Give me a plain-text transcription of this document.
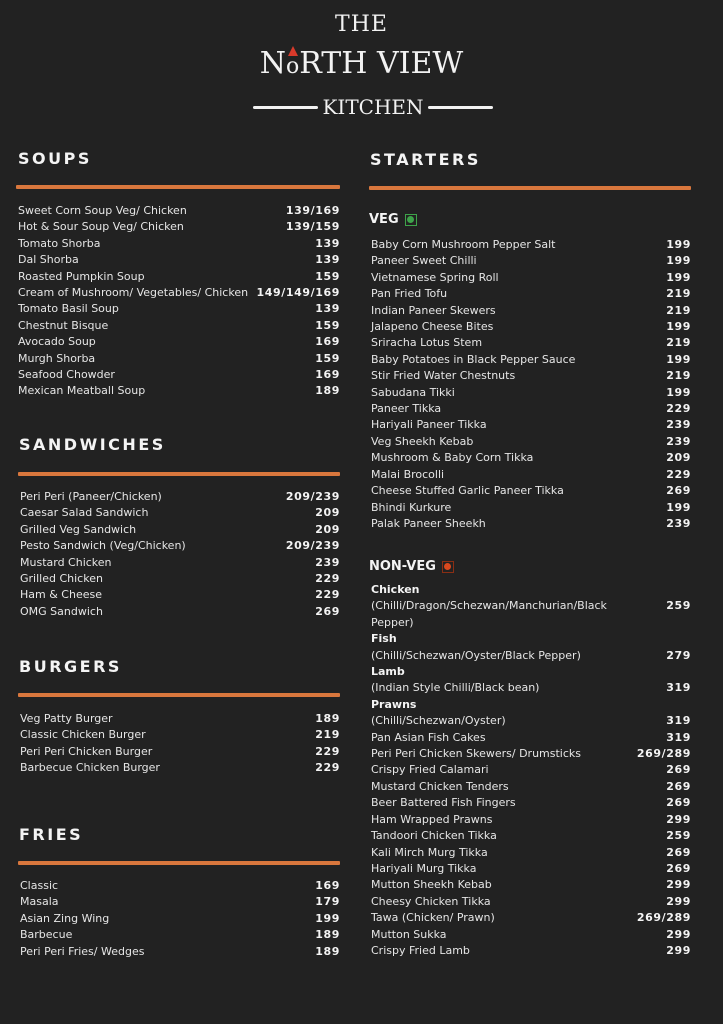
THE
N
oRTH VIEW
KITCHEN
SOUPS
Sweet Corn Soup Veg/ Chicken	139/169
Hot & Sour Soup Veg/ Chicken	139/159
Tomato Shorba	139
Dal Shorba	139
Roasted Pumpkin Soup	159
Cream of Mushroom/ Vegetables/ Chicken 149/149/169
Tomato Basil Soup	139
Chestnut Bisque	159
Avocado Soup	169
Murgh Shorba	159
Seafood Chowder	169
Mexican Meatball Soup	189
SANDWICHES
Peri Peri (Paneer/Chicken)	209/239
Caesar Salad Sandwich	209
Grilled Veg Sandwich	209
Pesto Sandwich (Veg/Chicken)	209/239
Mustard Chicken	239
Grilled Chicken	229
Ham & Cheese	229
OMG Sandwich	269
BURGERS
Veg Patty Burger	189
Classic Chicken Burger	219
Peri Peri Chicken Burger	229
Barbecue Chicken Burger	229
FRIES
Classic	169
Masala	179
Asian Zing Wing	199
Barbecue	189
Peri Peri Fries/ Wedges	189
STARTERS
VEG
Baby Corn Mushroom Pepper Salt	199
Paneer Sweet Chilli	199
Vietnamese Spring Roll	199
Pan Fried Tofu	219
Indian Paneer Skewers	219
Jalapeno Cheese Bites	199
Sriracha Lotus Stem	219
Baby Potatoes in Black Pepper Sauce	199
Stir Fried Water Chestnuts	219
Sabudana Tikki	199
Paneer Tikka	229
Hariyali Paneer Tikka	239
Veg Sheekh Kebab	239
Mushroom & Baby Corn Tikka	209
Malai Brocolli	229
Cheese Stuffed Garlic Paneer Tikka	269
Bhindi Kurkure	199
Palak Paneer Sheekh	239
NON-VEG
Chicken
(Chilli/Dragon/Schezwan/Manchurian/Black Pepper)
259
Fish
(Chilli/Schezwan/Oyster/Black Pepper)	279
Lamb
(Indian Style Chilli/Black bean)	319
Prawns
(Chilli/Schezwan/Oyster)	319
Pan Asian Fish Cakes	319
Peri Peri Chicken Skewers/ Drumsticks	269/289
Crispy Fried Calamari	269
Mustard Chicken Tenders	269
Beer Battered Fish Fingers	269
Ham Wrapped Prawns	299
Tandoori Chicken Tikka	259
Kali Mirch Murg Tikka	269
Hariyali Murg Tikka	269
Mutton Sheekh Kebab	299
Cheesy Chicken Tikka	299
Tawa (Chicken/ Prawn)	269/289
Mutton Sukka	299
Crispy Fried Lamb	299
